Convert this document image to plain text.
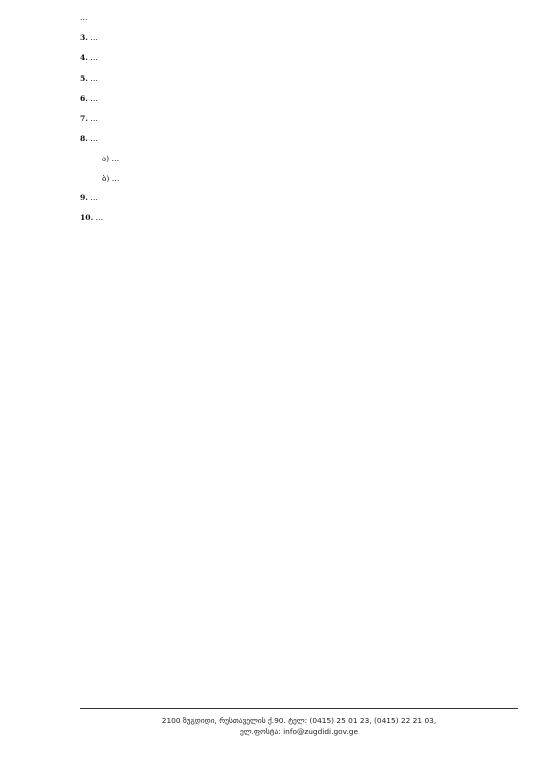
…

3. …

4. …

5. …

6. …

7. …

8. …

ა) …

ბ) …

9. …

10. …

2100 ზუგდიდი, რუსთაველის ქ.90. ტელ: (0415) 25 01 23, (0415) 22 21 03,
ელ.ფოსტა: info@zugdidi.gov.ge
